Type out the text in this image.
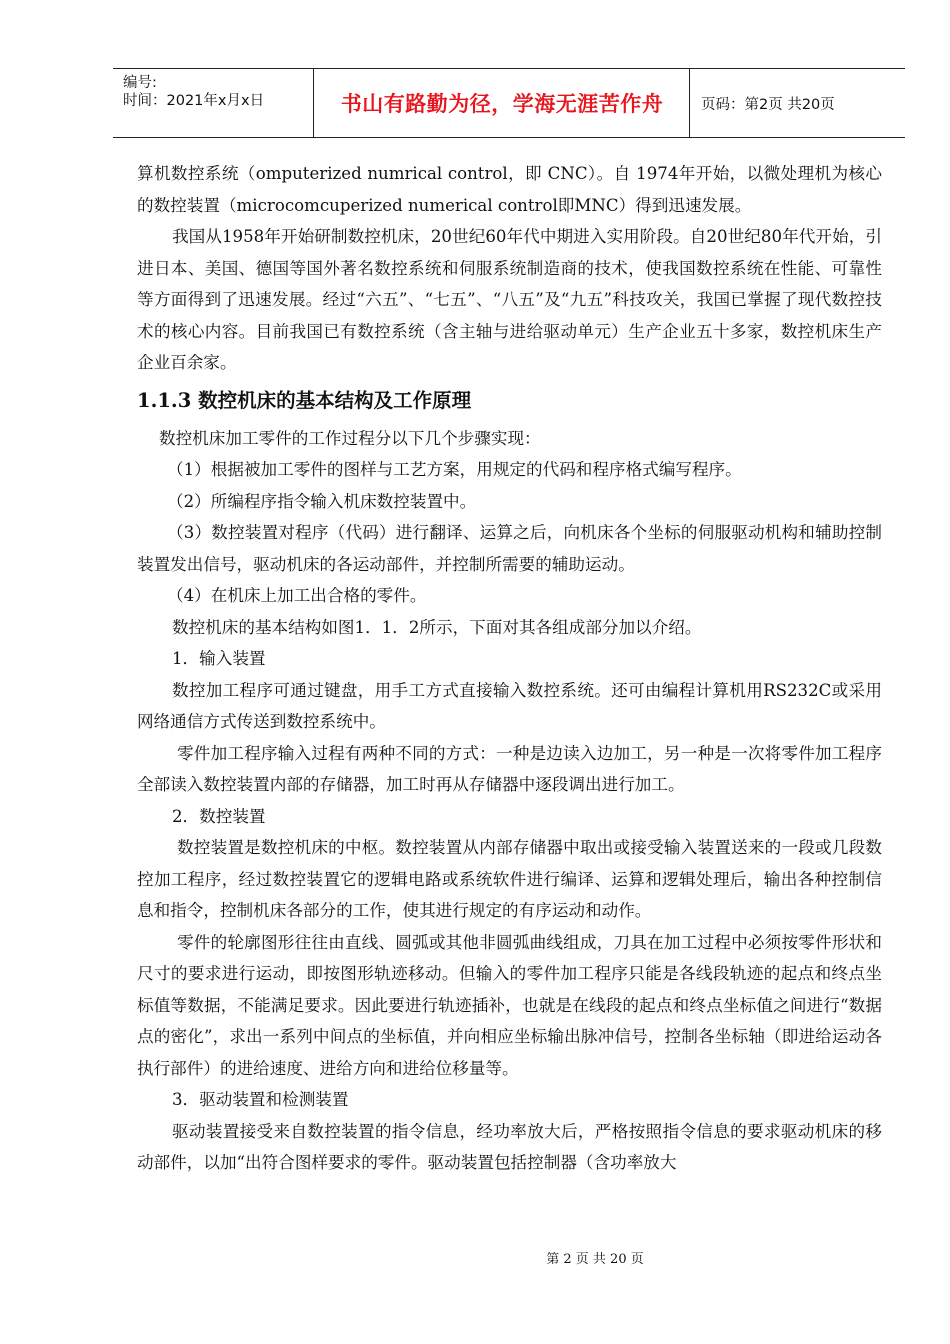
编号:
时间：2021年x月x日	书山有路勤为径，学海无涯苦作舟	页码：第2页 共20页

算机数控系统（omputerized numrical control，即 CNC）。自 1974年开始，以微处理机为核心的数控装置（microcomcuperized numerical control即MNC）得到迅速发展。

我国从1958年开始研制数控机床，20世纪60年代中期进入实用阶段。自20世纪80年代开始，引进日本、美国、德国等国外著名数控系统和伺服系统制造商的技术，使我国数控系统在性能、可靠性等方面得到了迅速发展。经过“六五”、“七五”、“八五”及“九五”科技攻关，我国已掌握了现代数控技术的核心内容。目前我国已有数控系统（含主轴与进给驱动单元）生产企业五十多家，数控机床生产企业百余家。

1.1.3 数控机床的基本结构及工作原理

数控机床加工零件的工作过程分以下几个步骤实现：

（1）根据被加工零件的图样与工艺方案，用规定的代码和程序格式编写程序。

（2）所编程序指令输入机床数控装置中。

（3）数控装置对程序（代码）进行翻译、运算之后，向机床各个坐标的伺服驱动机构和辅助控制装置发出信号，驱动机床的各运动部件，并控制所需要的辅助运动。

（4）在机床上加工出合格的零件。

数控机床的基本结构如图1．1．2所示，下面对其各组成部分加以介绍。

1．输入装置

数控加工程序可通过键盘，用手工方式直接输入数控系统。还可由编程计算机用RS232C或采用网络通信方式传送到数控系统中。

零件加工程序输入过程有两种不同的方式：一种是边读入边加工，另一种是一次将零件加工程序全部读入数控装置内部的存储器，加工时再从存储器中逐段调出进行加工。

2．数控装置

数控装置是数控机床的中枢。数控装置从内部存储器中取出或接受输入装置送来的一段或几段数控加工程序，经过数控装置它的逻辑电路或系统软件进行编译、运算和逻辑处理后，输出各种控制信息和指令，控制机床各部分的工作，使其进行规定的有序运动和动作。

零件的轮廓图形往往由直线、圆弧或其他非圆弧曲线组成，刀具在加工过程中必须按零件形状和尺寸的要求进行运动，即按图形轨迹移动。但输入的零件加工程序只能是各线段轨迹的起点和终点坐标值等数据，不能满足要求。因此要进行轨迹插补，也就是在线段的起点和终点坐标值之间进行“数据点的密化”，求出一系列中间点的坐标值，并向相应坐标输出脉冲信号，控制各坐标轴（即进给运动各执行部件）的进给速度、进给方向和进给位移量等。

3．驱动装置和检测装置

驱动装置接受来自数控装置的指令信息，经功率放大后，严格按照指令信息的要求驱动机床的移动部件，以加“出符合图样要求的零件。驱动装置包括控制器（含功率放大

第 2 页 共 20 页
